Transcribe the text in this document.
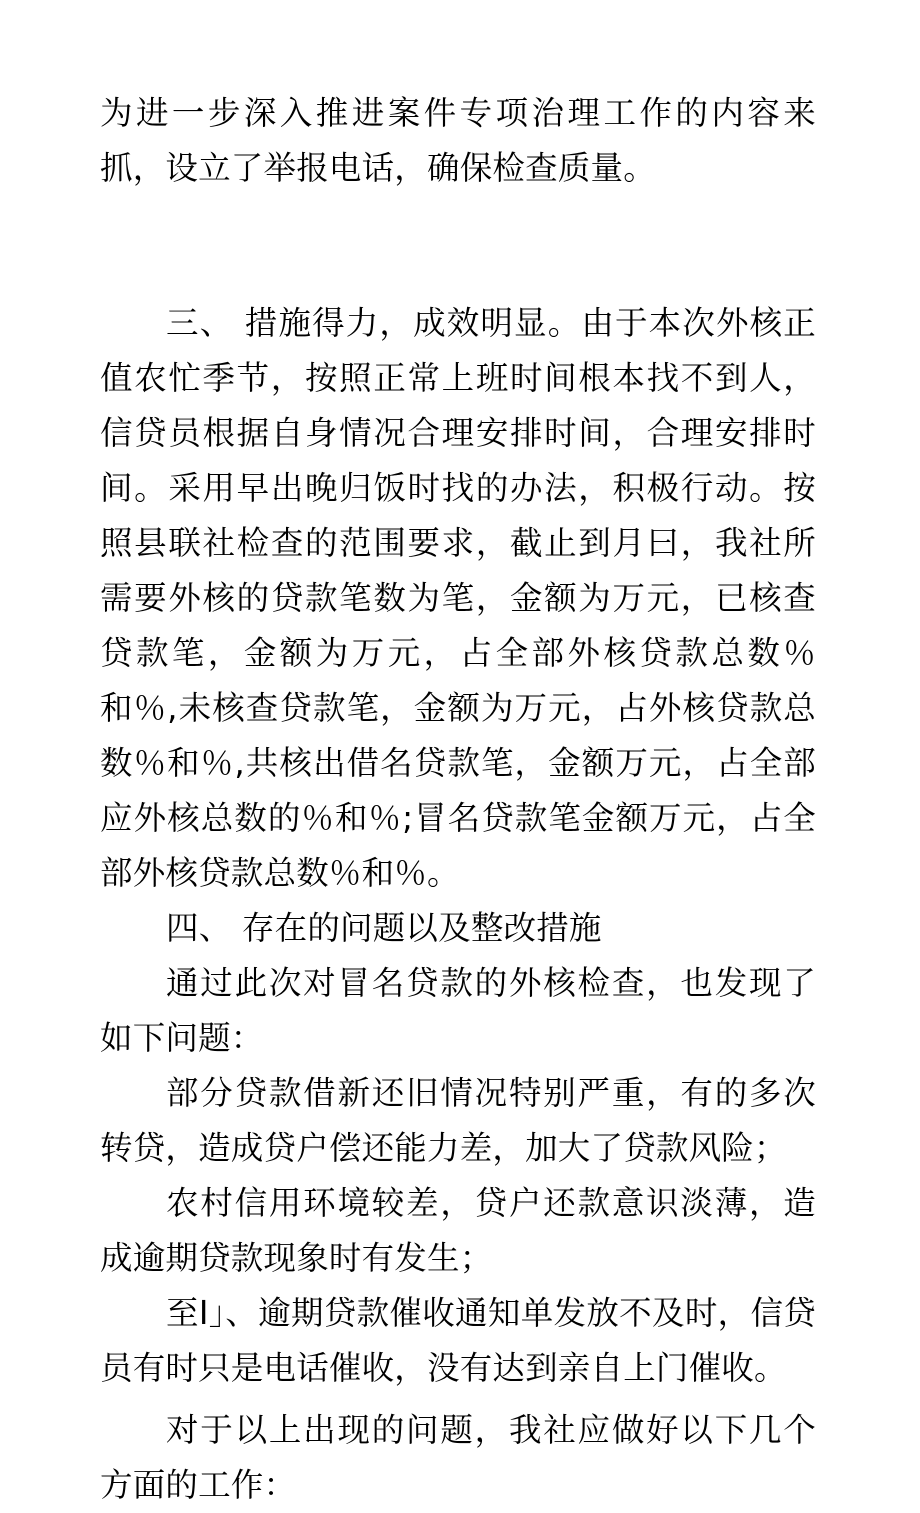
为进一步深入推进案件专项治理工作的内容来抓，设立了举报电话，确保检查质量。

三、 措施得力，成效明显。由于本次外核正值农忙季节，按照正常上班时间根本找不到人，信贷员根据自身情况合理安排时间，合理安排时间。采用早出晚归饭时找的办法，积极行动。按照县联社检查的范围要求，截止到月曰，我社所需要外核的贷款笔数为笔，金额为万元，已核查贷款笔，金额为万元，占全部外核贷款总数％和％,未核查贷款笔，金额为万元，占外核贷款总数％和％,共核出借名贷款笔，金额万元，占全部应外核总数的％和％;冒名贷款笔金额万元，占全部外核贷款总数％和％。

四、 存在的问题以及整改措施

通过此次对冒名贷款的外核检查，也发现了如下问题：

部分贷款借新还旧情况特别严重，有的多次转贷，造成贷户偿还能力差，加大了贷款风险；

农村信用环境较差，贷户还款意识淡薄，造成逾期贷款现象时有发生；

至I」、逾期贷款催收通知单发放不及时，信贷员有时只是电话催收，没有达到亲自上门催收。

对于以上出现的问题，我社应做好以下几个方面的工作：
